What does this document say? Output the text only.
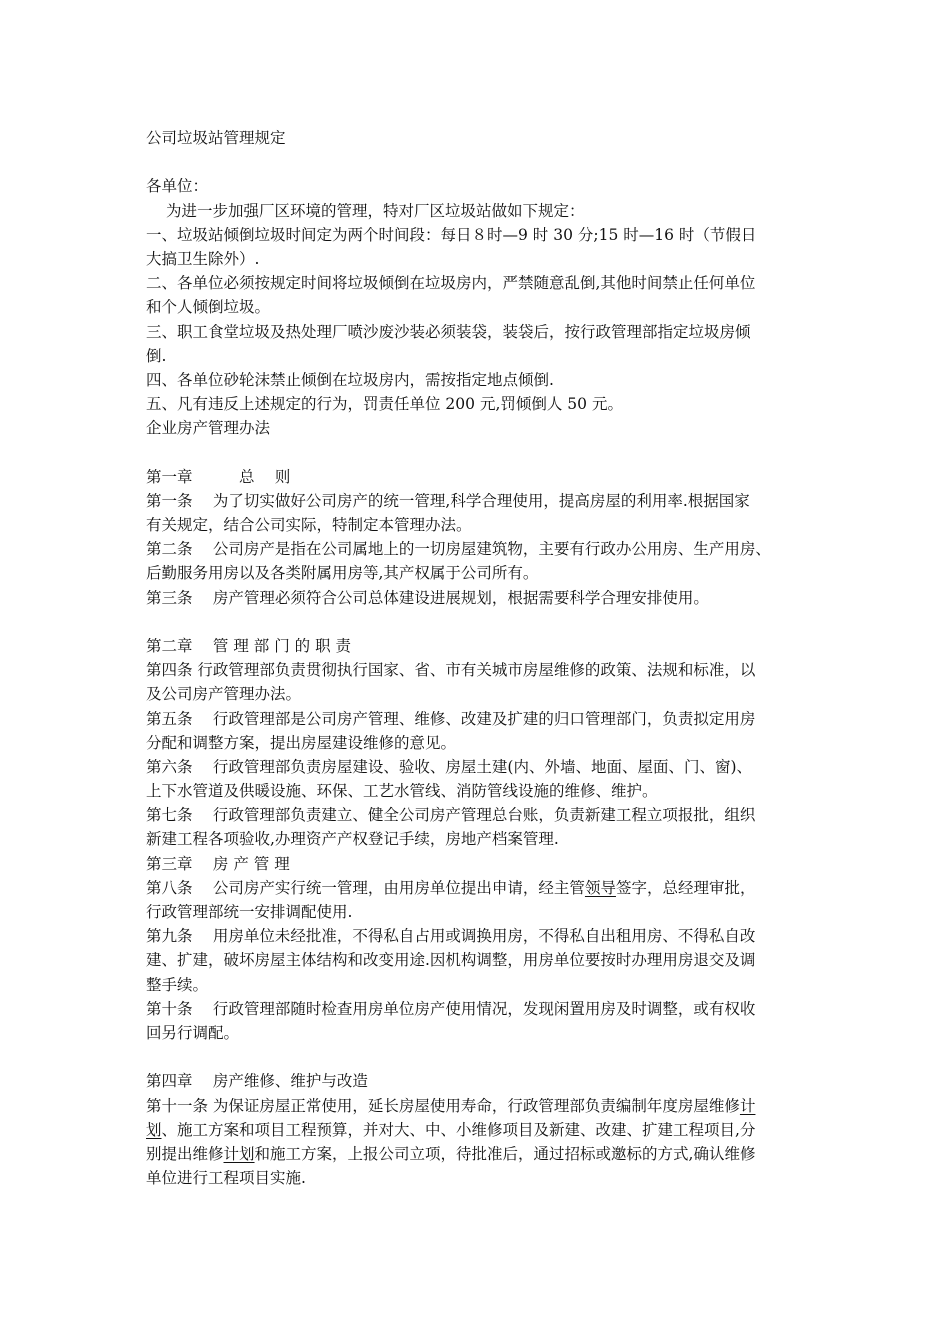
公司垃圾站管理规定
各单位：
为进一步加强厂区环境的管理，特对厂区垃圾站做如下规定：
一、垃圾站倾倒垃圾时间定为两个时间段：每日８时—9 时 30 分;15 时—16 时（节假日
大搞卫生除外）.
二、各单位必须按规定时间将垃圾倾倒在垃圾房内，严禁随意乱倒,其他时间禁止任何单位
和个人倾倒垃圾。
三、职工食堂垃圾及热处理厂喷沙废沙装必须装袋，装袋后，按行政管理部指定垃圾房倾
倒.
四、各单位砂轮沫禁止倾倒在垃圾房内，需按指定地点倾倒.
五、凡有违反上述规定的行为，罚责任单位 200 元,罚倾倒人 50 元。
企业房产管理办法
第一章　　　总　 则
第一条　 为了切实做好公司房产的统一管理,科学合理使用，提高房屋的利用率.根据国家
有关规定，结合公司实际，特制定本管理办法。
第二条　 公司房产是指在公司属地上的一切房屋建筑物，主要有行政办公用房、生产用房、
后勤服务用房以及各类附属用房等,其产权属于公司所有。
第三条　 房产管理必须符合公司总体建设进展规划，根据需要科学合理安排使用。
第二章　 管 理 部 门 的 职 责
第四条 行政管理部负责贯彻执行国家、省、市有关城市房屋维修的政策、法规和标准，以
及公司房产管理办法。
第五条　 行政管理部是公司房产管理、维修、改建及扩建的归口管理部门，负责拟定用房
分配和调整方案，提出房屋建设维修的意见。
第六条　 行政管理部负责房屋建设、验收、房屋土建(内、外墙、地面、屋面、门、窗)、
上下水管道及供暖设施、环保、工艺水管线、消防管线设施的维修、维护。
第七条　 行政管理部负责建立、健全公司房产管理总台账，负责新建工程立项报批，组织
新建工程各项验收,办理资产产权登记手续，房地产档案管理.
第三章　 房 产 管 理
第八条　 公司房产实行统一管理，由用房单位提出申请，经主管领导签字，总经理审批，
行政管理部统一安排调配使用.
第九条　 用房单位未经批准，不得私自占用或调换用房，不得私自出租用房、不得私自改
建、扩建，破坏房屋主体结构和改变用途.因机构调整，用房单位要按时办理用房退交及调
整手续。
第十条　 行政管理部随时检查用房单位房产使用情况，发现闲置用房及时调整，或有权收
回另行调配。
第四章　 房产维修、维护与改造
第十一条 为保证房屋正常使用，延长房屋使用寿命，行政管理部负责编制年度房屋维修计
划、施工方案和项目工程预算，并对大、中、小维修项目及新建、改建、扩建工程项目,分
别提出维修计划和施工方案，上报公司立项，待批准后，通过招标或邀标的方式,确认维修
单位进行工程项目实施.
